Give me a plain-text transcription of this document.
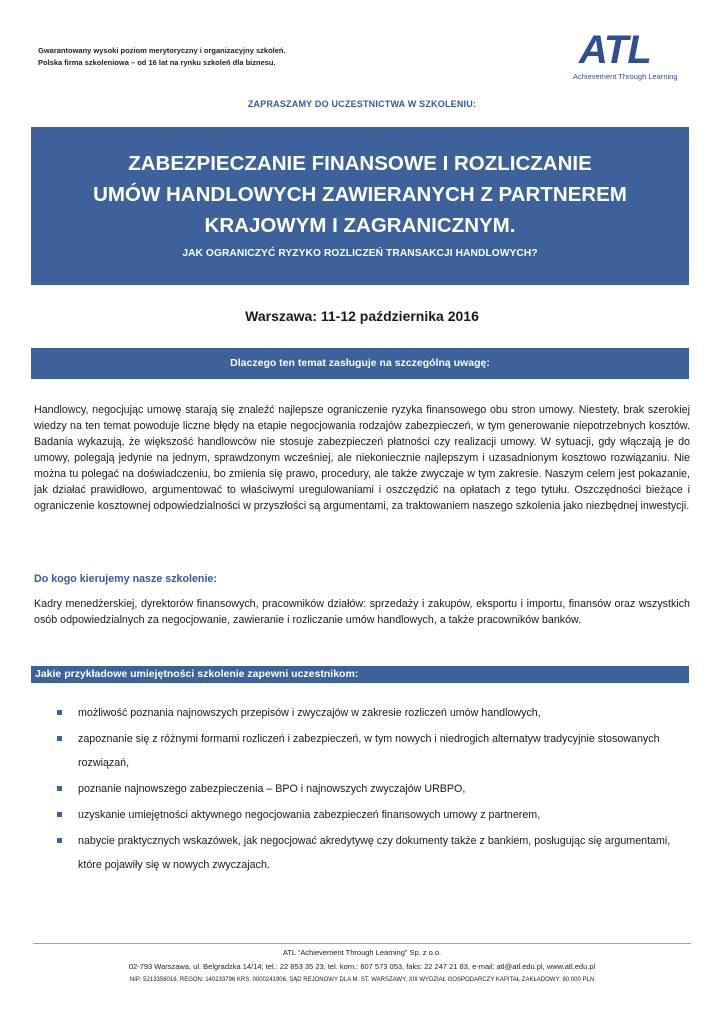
Gwarantowany wysoki poziom merytoryczny i organizacyjny szkoleń.
Polska firma szkoleniowa – od 16 lat na rynku szkoleń dla biznesu.	ATL
Achievement Through Learning
ZAPRASZAMY DO UCZESTNICTWA W SZKOLENIU:
ZABEZPIECZANIE FINANSOWE I ROZLICZANIE
UMÓW HANDLOWYCH ZAWIERANYCH Z PARTNEREM
KRAJOWYM I ZAGRANICZNYM.
JAK OGRANICZYĆ RYZYKO ROZLICZEŃ TRANSAKCJI HANDLOWYCH?
Warszawa: 11-12 października 2016
Dlaczego ten temat zasługuje na szczególną uwagę:
Handlowcy, negocjując umowę starają się znaleźć najlepsze ograniczenie ryzyka finansowego obu stron umowy. Niestety, brak szerokiej wiedzy na ten temat powoduje liczne błędy na etapie negocjowania rodzajów zabezpieczeń, w tym generowanie niepotrzebnych kosztów. Badania wykazują, że większość handlowców nie stosuje zabezpieczeń płatności czy realizacji umowy. W sytuacji, gdy włączają je do umowy, polegają jedynie na jednym, sprawdzonym wcześniej, ale niekoniecznie najlepszym i uzasadnionym kosztowo rozwiązaniu. Nie można tu polegać na doświadczeniu, bo zmienia się prawo, procedury, ale także zwyczaje w tym zakresie. Naszym celem jest pokazanie, jak działać prawidłowo, argumentować to właściwymi uregulowaniami i oszczędzić na opłatach z tego tytułu. Oszczędności bieżące i ograniczenie kosztownej odpowiedzialności w przyszłości są argumentami, za traktowaniem naszego szkolenia jako niezbędnej inwestycji.
Do kogo kierujemy nasze szkolenie:
Kadry menedżerskiej, dyrektorów finansowych, pracowników działów: sprzedaży i zakupów, eksportu i importu, finansów oraz wszystkich osób odpowiedzialnych za negocjowanie, zawieranie i rozliczanie umów handlowych, a także pracowników banków.
Jakie przykładowe umiejętności szkolenie zapewni uczestnikom:
możliwość poznania najnowszych przepisów i zwyczajów w zakresie rozliczeń umów handlowych,
zapoznanie się z różnymi formami rozliczeń i zabezpieczeń, w tym nowych i niedrogich alternatyw tradycyjnie stosowanych rozwiązań,
poznanie najnowszego zabezpieczenia – BPO i najnowszych zwyczajów URBPO,
uzyskanie umiejętności aktywnego negocjowania zabezpieczeń finansowych umowy z partnerem,
nabycie praktycznych wskazówek, jak negocjować akredytywę czy dokumenty także z bankiem, posługując się argumentami, które pojawiły się w nowych zwyczajach.
ATL “Achievement Through Learning” Sp. z o.o.
02-793 Warszawa, ul. Belgradzka 14/14; tel.: 22 853 35 23, tel. kom.: 607 573 053, faks: 22 247 21 83, e-mail: atl@atl.edu.pl, www.atl.edu.pl
NIP: 5213358018, REGON: 140233796 KRS: 0000241906, SĄD REJONOWY DLA M. ST. WARSZAWY, XIII WYDZIAŁ GOSPODARCZY KAPITAŁ ZAKŁADOWY: 80.000 PLN
